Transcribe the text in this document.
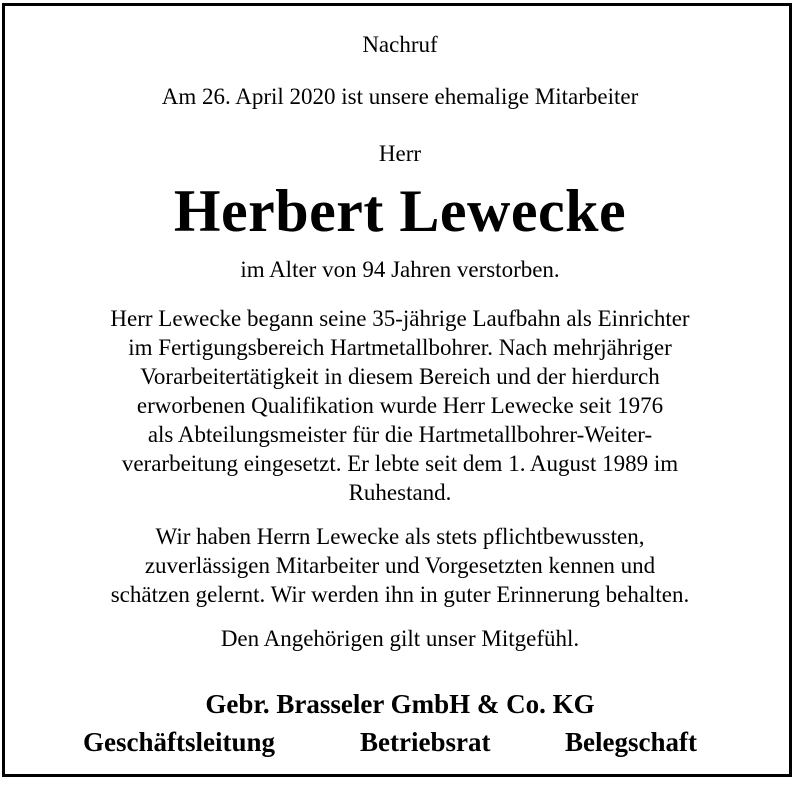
Nachruf

Am 26. April 2020 ist unsere ehemalige Mitarbeiter

Herr

Herbert Lewecke

im Alter von 94 Jahren verstorben.

Herr Lewecke begann seine 35-jährige Laufbahn als Einrichter

im Fertigungsbereich Hartmetallbohrer. Nach mehrjähriger

Vorarbeitertätigkeit in diesem Bereich und der hierdurch

erworbenen Qualifikation wurde Herr Lewecke seit 1976

als Abteilungsmeister für die Hartmetallbohrer-Weiter-

verarbeitung eingesetzt. Er lebte seit dem 1. August 1989 im

Ruhestand.

Wir haben Herrn Lewecke als stets pflichtbewussten,

zuverlässigen Mitarbeiter und Vorgesetzten kennen und

schätzen gelernt. Wir werden ihn in guter Erinnerung behalten.

Den Angehörigen gilt unser Mitgefühl.

Gebr. Brasseler GmbH & Co. KG

Geschäftsleitung	Betriebsrat	Belegschaft
